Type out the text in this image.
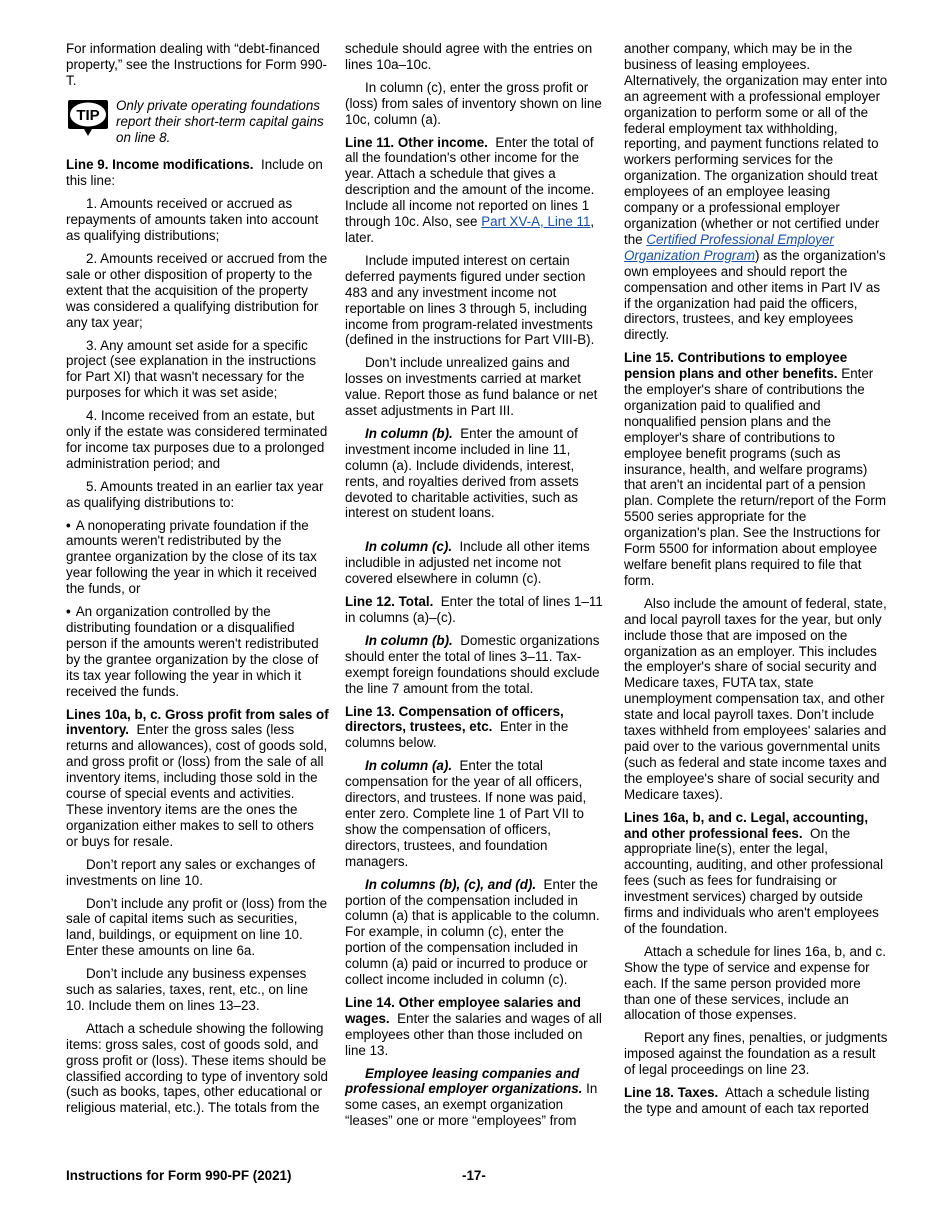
For information dealing with “debt-financed property,” see the Instructions for Form 990-T.

TIP
Only private operating foundations report their short-term capital gains on line 8.

Line 9. Income modifications. Include on this line:

1. Amounts received or accrued as repayments of amounts taken into account as qualifying distributions;

2. Amounts received or accrued from the sale or other disposition of property to the extent that the acquisition of the property was considered a qualifying distribution for any tax year;

3. Any amount set aside for a specific project (see explanation in the instructions for Part XI) that wasn't necessary for the purposes for which it was set aside;

4. Income received from an estate, but only if the estate was considered terminated for income tax purposes due to a prolonged administration period; and

5. Amounts treated in an earlier tax year as qualifying distributions to:

• A nonoperating private foundation if the amounts weren't redistributed by the grantee organization by the close of its tax year following the year in which it received the funds, or

• An organization controlled by the distributing foundation or a disqualified person if the amounts weren't redistributed by the grantee organization by the close of its tax year following the year in which it received the funds.

Lines 10a, b, c. Gross profit from sales of inventory. Enter the gross sales (less returns and allowances), cost of goods sold, and gross profit or (loss) from the sale of all inventory items, including those sold in the course of special events and activities. These inventory items are the ones the organization either makes to sell to others or buys for resale.

Don’t report any sales or exchanges of investments on line 10.

Don’t include any profit or (loss) from the sale of capital items such as securities, land, buildings, or equipment on line 10. Enter these amounts on line 6a.

Don’t include any business expenses such as salaries, taxes, rent, etc., on line 10. Include them on lines 13–23.

Attach a schedule showing the following items: gross sales, cost of goods sold, and gross profit or (loss). These items should be classified according to type of inventory sold (such as books, tapes, other educational or religious material, etc.). The totals from the

schedule should agree with the entries on lines 10a–10c.

In column (c), enter the gross profit or (loss) from sales of inventory shown on line 10c, column (a).

Line 11. Other income. Enter the total of all the foundation's other income for the year. Attach a schedule that gives a description and the amount of the income. Include all income not reported on lines 1 through 10c. Also, see Part XV-A, Line 11, later.

Include imputed interest on certain deferred payments figured under section 483 and any investment income not reportable on lines 3 through 5, including income from program-related investments (defined in the instructions for Part VIII-B).

Don’t include unrealized gains and losses on investments carried at market value. Report those as fund balance or net asset adjustments in Part III.

In column (b). Enter the amount of investment income included in line 11, column (a). Include dividends, interest, rents, and royalties derived from assets devoted to charitable activities, such as interest on student loans.

In column (c). Include all other items includible in adjusted net income not covered elsewhere in column (c).

Line 12. Total. Enter the total of lines 1–11 in columns (a)–(c).

In column (b). Domestic organizations should enter the total of lines 3–11. Tax-exempt foreign foundations should exclude the line 7 amount from the total.

Line 13. Compensation of officers, directors, trustees, etc. Enter in the columns below.

In column (a). Enter the total compensation for the year of all officers, directors, and trustees. If none was paid, enter zero. Complete line 1 of Part VII to show the compensation of officers, directors, trustees, and foundation managers.

In columns (b), (c), and (d). Enter the portion of the compensation included in column (a) that is applicable to the column. For example, in column (c), enter the portion of the compensation included in column (a) paid or incurred to produce or collect income included in column (c).

Line 14. Other employee salaries and wages. Enter the salaries and wages of all employees other than those included on line 13.

Employee leasing companies and professional employer organizations. In some cases, an exempt organization “leases” one or more “employees” from

another company, which may be in the business of leasing employees. Alternatively, the organization may enter into an agreement with a professional employer organization to perform some or all of the federal employment tax withholding, reporting, and payment functions related to workers performing services for the organization. The organization should treat employees of an employee leasing company or a professional employer organization (whether or not certified under the Certified Professional Employer Organization Program) as the organization's own employees and should report the compensation and other items in Part IV as if the organization had paid the officers, directors, trustees, and key employees directly.

Line 15. Contributions to employee pension plans and other benefits. Enter the employer's share of contributions the organization paid to qualified and nonqualified pension plans and the employer's share of contributions to employee benefit programs (such as insurance, health, and welfare programs) that aren't an incidental part of a pension plan. Complete the return/report of the Form 5500 series appropriate for the organization's plan. See the Instructions for Form 5500 for information about employee welfare benefit plans required to file that form.

Also include the amount of federal, state, and local payroll taxes for the year, but only include those that are imposed on the organization as an employer. This includes the employer's share of social security and Medicare taxes, FUTA tax, state unemployment compensation tax, and other state and local payroll taxes. Don’t include taxes withheld from employees' salaries and paid over to the various governmental units (such as federal and state income taxes and the employee's share of social security and Medicare taxes).

Lines 16a, b, and c. Legal, accounting, and other professional fees. On the appropriate line(s), enter the legal, accounting, auditing, and other professional fees (such as fees for fundraising or investment services) charged by outside firms and individuals who aren't employees of the foundation.

Attach a schedule for lines 16a, b, and c. Show the type of service and expense for each. If the same person provided more than one of these services, include an allocation of those expenses.

Report any fines, penalties, or judgments imposed against the foundation as a result of legal proceedings on line 23.

Line 18. Taxes. Attach a schedule listing the type and amount of each tax reported

Instructions for Form 990-PF (2021)	-17-
